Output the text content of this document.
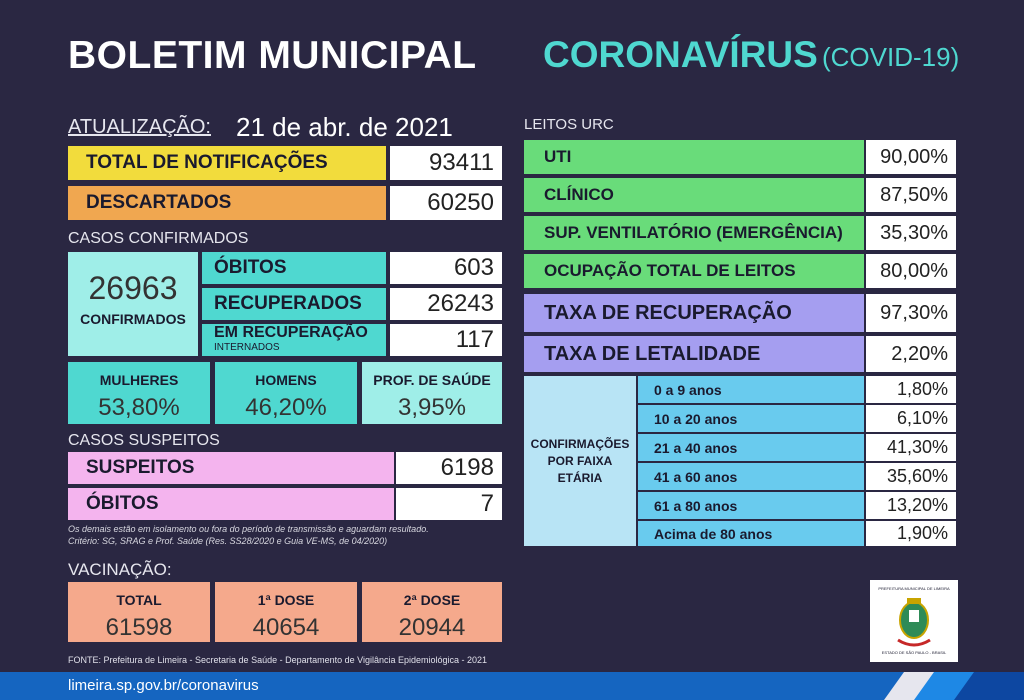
BOLETIM MUNICIPAL CORONAVÍRUS (COVID-19)
ATUALIZAÇÃO: 21 de abr. de 2021
TOTAL DE NOTIFICAÇÕES	93411
DESCARTADOS	60250
CASOS CONFIRMADOS
26963
CONFIRMADOS
ÓBITOS	603
RECUPERADOS	26243
EM RECUPERAÇÃO
INTERNADOS	117
MULHERES
53,80%
HOMENS
46,20%
PROF. DE SAÚDE
3,95%
CASOS SUSPEITOS
SUSPEITOS	6198
ÓBITOS	7
Os demais estão em isolamento ou fora do período de transmissão e aguardam resultado.
Critério: SG, SRAG e Prof. Saúde (Res. SS28/2020 e Guia VE-MS, de 04/2020)
VACINAÇÃO:
TOTAL
61598
1ª DOSE
40654
2ª DOSE
20944
LEITOS URC
UTI	90,00%
CLÍNICO	87,50%
SUP. VENTILATÓRIO (EMERGÊNCIA)	35,30%
OCUPAÇÃO TOTAL DE LEITOS	80,00%
TAXA DE RECUPERAÇÃO	97,30%
TAXA DE LETALIDADE	2,20%
CONFIRMAÇÕES
POR FAIXA
ETÁRIA
0 a 9 anos	1,80%
10 a 20 anos	6,10%
21 a 40 anos	41,30%
41 a 60 anos	35,60%
61 a 80 anos	13,20%
Acima de 80 anos	1,90%
PREFEITURA MUNICIPAL DE LIMEIRA
ESTADO DE SÃO PAULO - BRASIL
FONTE: Prefeitura de Limeira - Secretaria de Saúde - Departamento de Vigilância Epidemiológica - 2021
limeira.sp.gov.br/coronavirus
